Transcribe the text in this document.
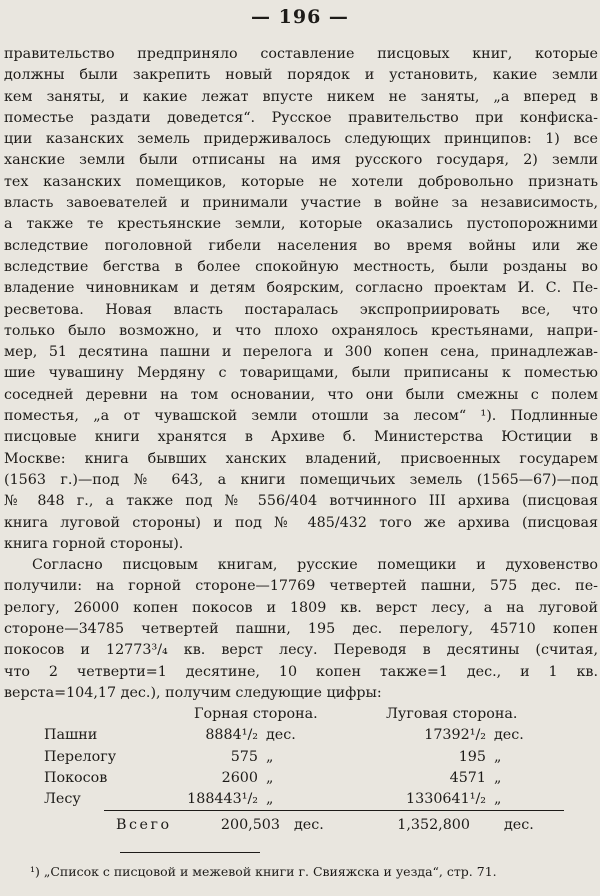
— 196 —
правительство предприняло составление писцовых книг, которые
должны были закрепить новый порядок и установить, какие земли
кем заняты, и какие лежат впусте никем не заняты, „а вперед в
поместье раздати доведется“. Русское правительство при конфиска-
ции казанских земель придерживалось следующих принципов: 1) все
ханские земли были отписаны на имя русского государя, 2) земли
тех казанских помещиков, которые не хотели добровольно признать
власть завоевателей и принимали участие в войне за независимость,
а также те крестьянские земли, которые оказались пустопорожними
вследствие поголовной гибели населения во время войны или же
вследствие бегства в более спокойную местность, были розданы во
владение чиновникам и детям боярским, согласно проектам И. С. Пе-
ресветова. Новая власть постаралась экспроприировать все, что
только было возможно, и что плохо охранялось крестьянами, напри-
мер, 51 десятина пашни и перелога и 300 копен сена, принадлежав-
шие чувашину Мердяну с товарищами, были приписаны к поместью
соседней деревни на том основании, что они были смежны с полем
поместья, „а от чувашской земли отошли за лесом“ ¹). Подлинные
писцовые книги хранятся в Архиве б. Министерства Юстиции в
Москве: книга бывших ханских владений, присвоенных государем
(1563 г.)—под № 643, а книги помещичьих земель (1565—67)—под
№ 848 г., а также под № 556/404 вотчинного III архива (писцовая
книга луговой стороны) и под № 485/432 того же архива (писцовая
книга горной стороны).
Согласно писцовым книгам, русские помещики и духовенство
получили: на горной стороне—17769 четвертей пашни, 575 дес. пе-
релогу, 26000 копен покосов и 1809 кв. верст лесу, а на луговой
стороне—34785 четвертей пашни, 195 дес. перелогу, 45710 копен
покосов и 12773³/₄ кв. верст лесу. Переводя в десятины (считая,
что 2 четверти=1 десятине, 10 копен также=1 дес., и 1 кв.
верста=104,17 дес.), получим следующие цифры:
Горная сторона.	Луговая сторона.
Пашни	8884¹/₂ дес.	17392¹/₂ дес.
Перелогу	575 „	195 „
Покосов	2600 „	4571 „
Лесу	188443¹/₂ „	1330641¹/₂ „
Всего	200,503 дес.	1,352,800 дес.
¹) „Список с писцовой и межевой книги г. Свияжска и уезда“, стр. 71.
